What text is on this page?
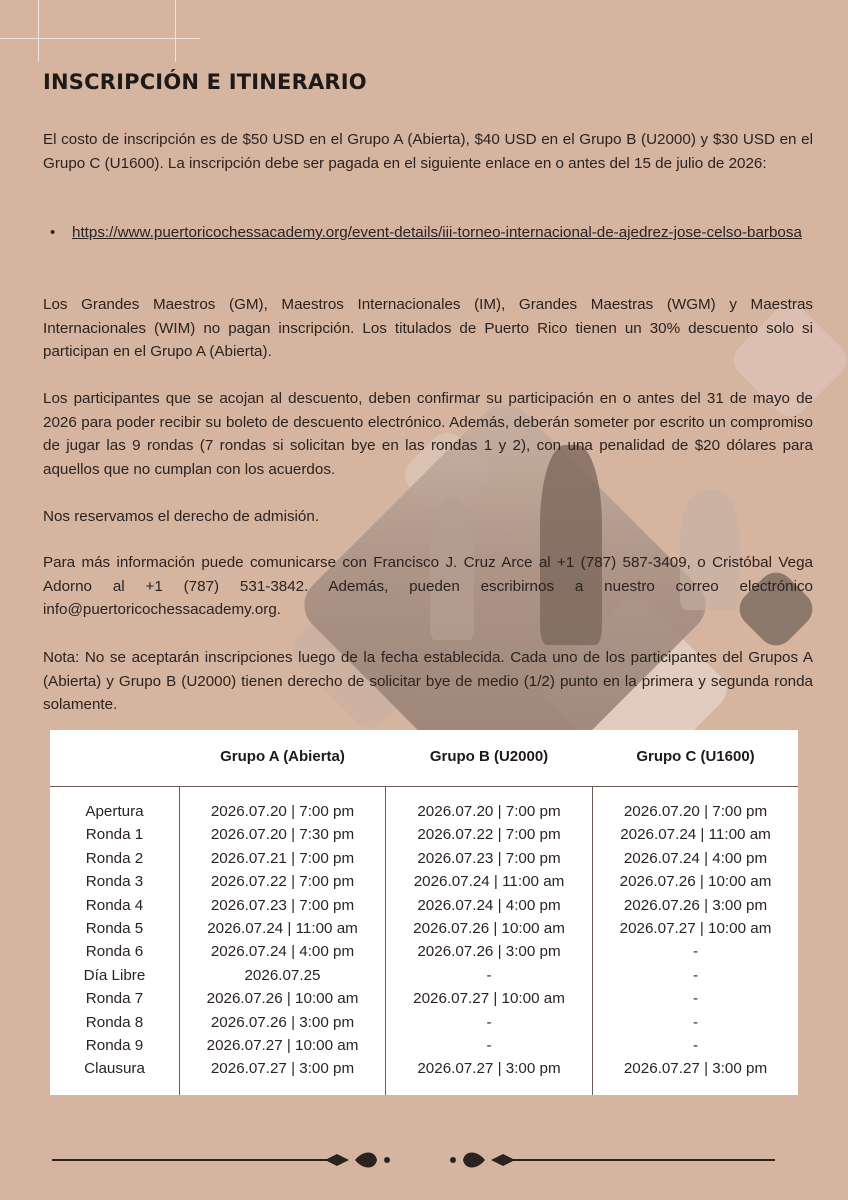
INSCRIPCIÓN E ITINERARIO

El costo de inscripción es de $50 USD en el Grupo A (Abierta), $40 USD en el Grupo B (U2000) y $30 USD en el Grupo C (U1600). La inscripción debe ser pagada en el siguiente enlace en o antes del 15 de julio de 2026:

• https://www.puertoricochessacademy.org/event-details/iii-torneo-internacional-de-ajedrez-jose-celso-barbosa

Los Grandes Maestros (GM), Maestros Internacionales (IM), Grandes Maestras (WGM) y Maestras Internacionales (WIM) no pagan inscripción. Los titulados de Puerto Rico tienen un 30% descuento solo si participan en el Grupo A (Abierta).

Los participantes que se acojan al descuento, deben confirmar su participación en o antes del 31 de mayo de 2026 para poder recibir su boleto de descuento electrónico. Además, deberán someter por escrito un compromiso de jugar las 9 rondas (7 rondas si solicitan bye en las rondas 1 y 2), con una penalidad de $20 dólares para aquellos que no cumplan con los acuerdos.

Nos reservamos el derecho de admisión.

Para más información puede comunicarse con Francisco J. Cruz Arce al +1 (787) 587-3409, o Cristóbal Vega Adorno al +1 (787) 531-3842. Además, pueden escribirnos a nuestro correo electrónico info@puertoricochessacademy.org.

Nota: No se aceptarán inscripciones luego de la fecha establecida. Cada uno de los participantes del Grupos A (Abierta) y Grupo B (U2000) tienen derecho de solicitar bye de medio (1/2) punto en la primera y segunda ronda solamente.

Grupo A (Abierta)	Grupo B (U2000)	Grupo C (U1600)
Apertura
Ronda 1
Ronda 2
Ronda 3
Ronda 4
Ronda 5
Ronda 6
Día Libre
Ronda 7
Ronda 8
Ronda 9
Clausura
2026.07.20 | 7:00 pm
2026.07.20 | 7:30 pm
2026.07.21 | 7:00 pm
2026.07.22 | 7:00 pm
2026.07.23 | 7:00 pm
2026.07.24 | 11:00 am
2026.07.24 | 4:00 pm
2026.07.25
2026.07.26 | 10:00 am
2026.07.26 | 3:00 pm
2026.07.27 | 10:00 am
2026.07.27 | 3:00 pm
2026.07.20 | 7:00 pm
2026.07.22 | 7:00 pm
2026.07.23 | 7:00 pm
2026.07.24 | 11:00 am
2026.07.24 | 4:00 pm
2026.07.26 | 10:00 am
2026.07.26 | 3:00 pm
-
2026.07.27 | 10:00 am
-
-
2026.07.27 | 3:00 pm
2026.07.20 | 7:00 pm
2026.07.24 | 11:00 am
2026.07.24 | 4:00 pm
2026.07.26 | 10:00 am
2026.07.26 | 3:00 pm
2026.07.27 | 10:00 am
-
-
-
-
-
2026.07.27 | 3:00 pm
